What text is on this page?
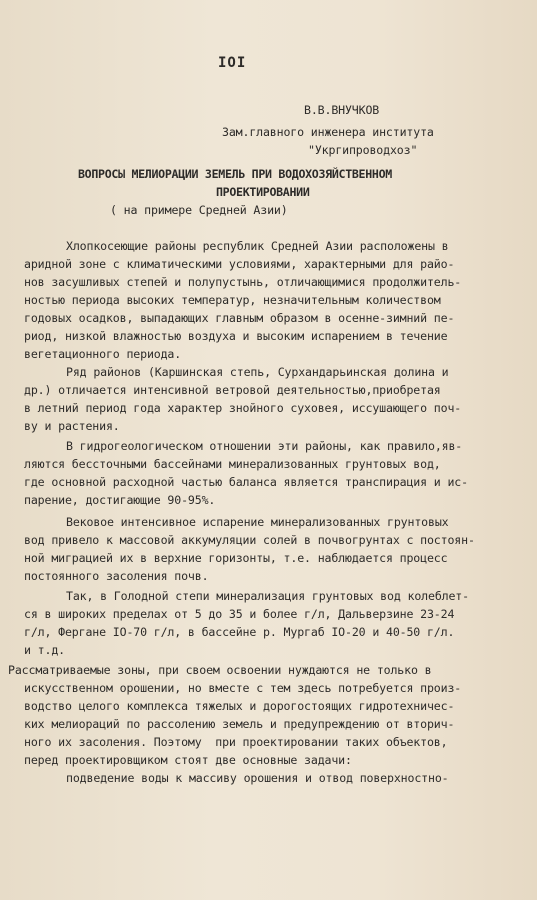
IOI
В.В.ВНУЧКОВ
Зам.главного инженера института
"Укргипроводхоз"
ВОПРОСЫ МЕЛИОРАЦИИ ЗЕМЕЛЬ ПРИ ВОДОХОЗЯЙСТВЕННОМ
ПРОЕКТИРОВАНИИ
( на примере Средней Азии)
Хлопкосеющие районы республик Средней Азии расположены в
аридной зоне с климатическими условиями, характерными для райо-
нов засушливых степей и полупустынь, отличающимися продолжитель-
ностью периода высоких температур, незначительным количеством
годовых осадков, выпадающих главным образом в осенне-зимний пе-
риод, низкой влажностью воздуха и высоким испарением в течение
вегетационного периода.
Ряд районов (Каршинская степь, Сурхандарьинская долина и
др.) отличается интенсивной ветровой деятельностью,приобретая
в летний период года характер знойного суховея, иссушающего поч-
ву и растения.
В гидрогеологическом отношении эти районы, как правило,яв-
ляются бессточными бассейнами минерализованных грунтовых вод,
где основной расходной частью баланса является транспирация и ис-
парение, достигающие 90-95%.
Вековое интенсивное испарение минерализованных грунтовых
вод привело к массовой аккумуляции солей в почвогрунтах с постоян-
ной миграцией их в верхние горизонты, т.е. наблюдается процесс
постоянного засоления почв.
Так, в Голодной степи минерализация грунтовых вод колеблет-
ся в широких пределах от 5 до 35 и более г/л, Дальверзине 23-24
г/л, Фергане IO-70 г/л, в бассейне р. Мургаб IO-20 и 40-50 г/л.
и т.д.
Рассматриваемые зоны, при своем освоении нуждаются не только в
искусственном орошении, но вместе с тем здесь потребуется произ-
водство целого комплекса тяжелых и дорогостоящих гидротехничес-
ких мелиораций по рассолению земель и предупреждению от вторич-
ного их засоления. Поэтому  при проектировании таких объектов,
перед проектировщиком стоят две основные задачи:
подведение воды к массиву орошения и отвод поверхностно-
